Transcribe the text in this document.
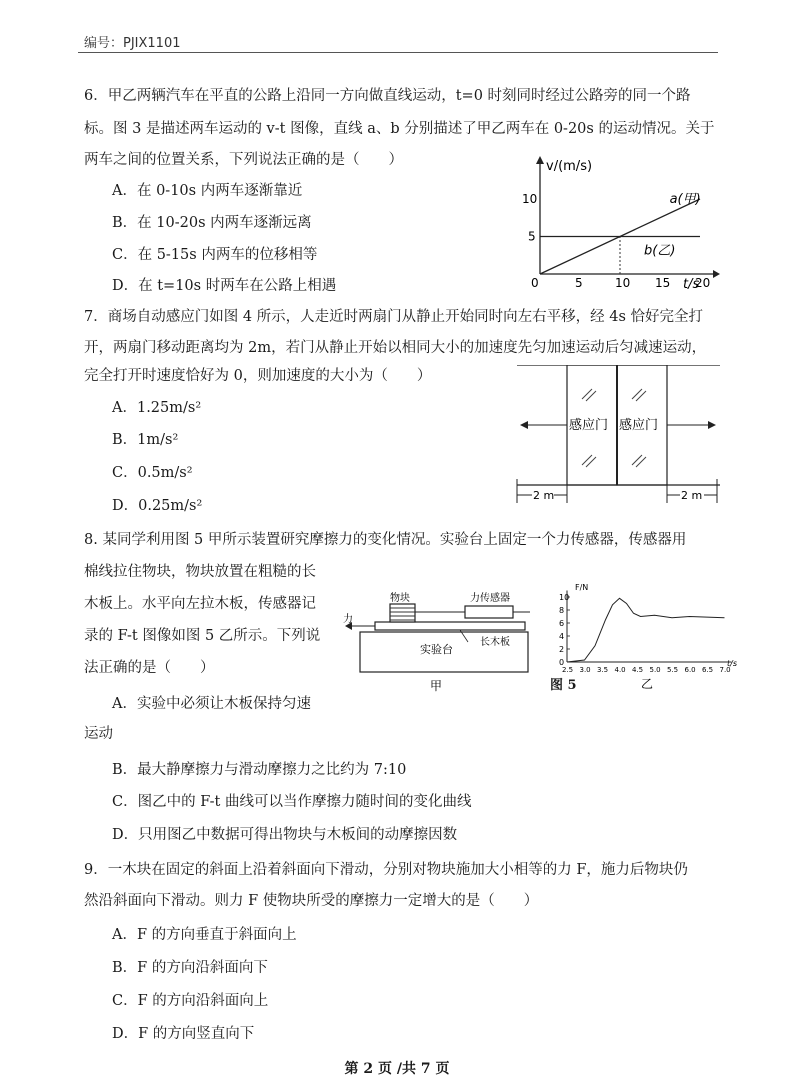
编号：PJIX1101
6．甲乙两辆汽车在平直的公路上沿同一方向做直线运动，t=0 时刻同时经过公路旁的同一个路
标。图 3 是描述两车运动的 v-t 图像，直线 a、b 分别描述了甲乙两车在 0-20s 的运动情况。关于
两车之间的位置关系，下列说法正确的是（　　）
A．在 0-10s 内两车逐渐靠近
B．在 10-20s 内两车逐渐远离
C．在 5-15s 内两车的位移相等
D．在 t=10s 时两车在公路上相遇
v/(m/s)
t/s
0	5	10 15 20
5
10	a(甲)
b(乙)
7．商场自动感应门如图 4 所示，人走近时两扇门从静止开始同时向左右平移，经 4s 恰好完全打
开，两扇门移动距离均为 2m，若门从静止开始以相同大小的加速度先匀加速运动后匀减速运动，
完全打开时速度恰好为 0，则加速度的大小为（　　）
A．1.25m/s²
B．1m/s²
C．0.5m/s²
D．0.25m/s²
感应门 感应门
2 m	2 m
8. 某同学利用图 5 甲所示装置研究摩擦力的变化情况。实验台上固定一个力传感器，传感器用
棉线拉住物块，物块放置在粗糙的长
木板上。水平向左拉木板，传感器记
录的 F-t 图像如图 5 乙所示。下列说
法正确的是（　　）
A．实验中必须让木板保持匀速
运动
B．最大静摩擦力与滑动摩擦力之比约为 7:10
C．图乙中的 F-t 曲线可以当作摩擦力随时间的变化曲线
D．只用图乙中数据可得出物块与木板间的动摩擦因数
力
物块	力传感器
实验台
长木板
甲	图 5
F/N
t/s
乙
0
2
4
6
8
10
2.5 3.0 3.5 4.0 4.5 5.0 5.5 6.0 6.5 7.0
9．一木块在固定的斜面上沿着斜面向下滑动，分别对物块施加大小相等的力 F，施力后物块仍
然沿斜面向下滑动。则力 F 使物块所受的摩擦力一定增大的是（　　）
A．F 的方向垂直于斜面向上
B．F 的方向沿斜面向下
C．F 的方向沿斜面向上
D．F 的方向竖直向下
第 2 页 /共 7 页
